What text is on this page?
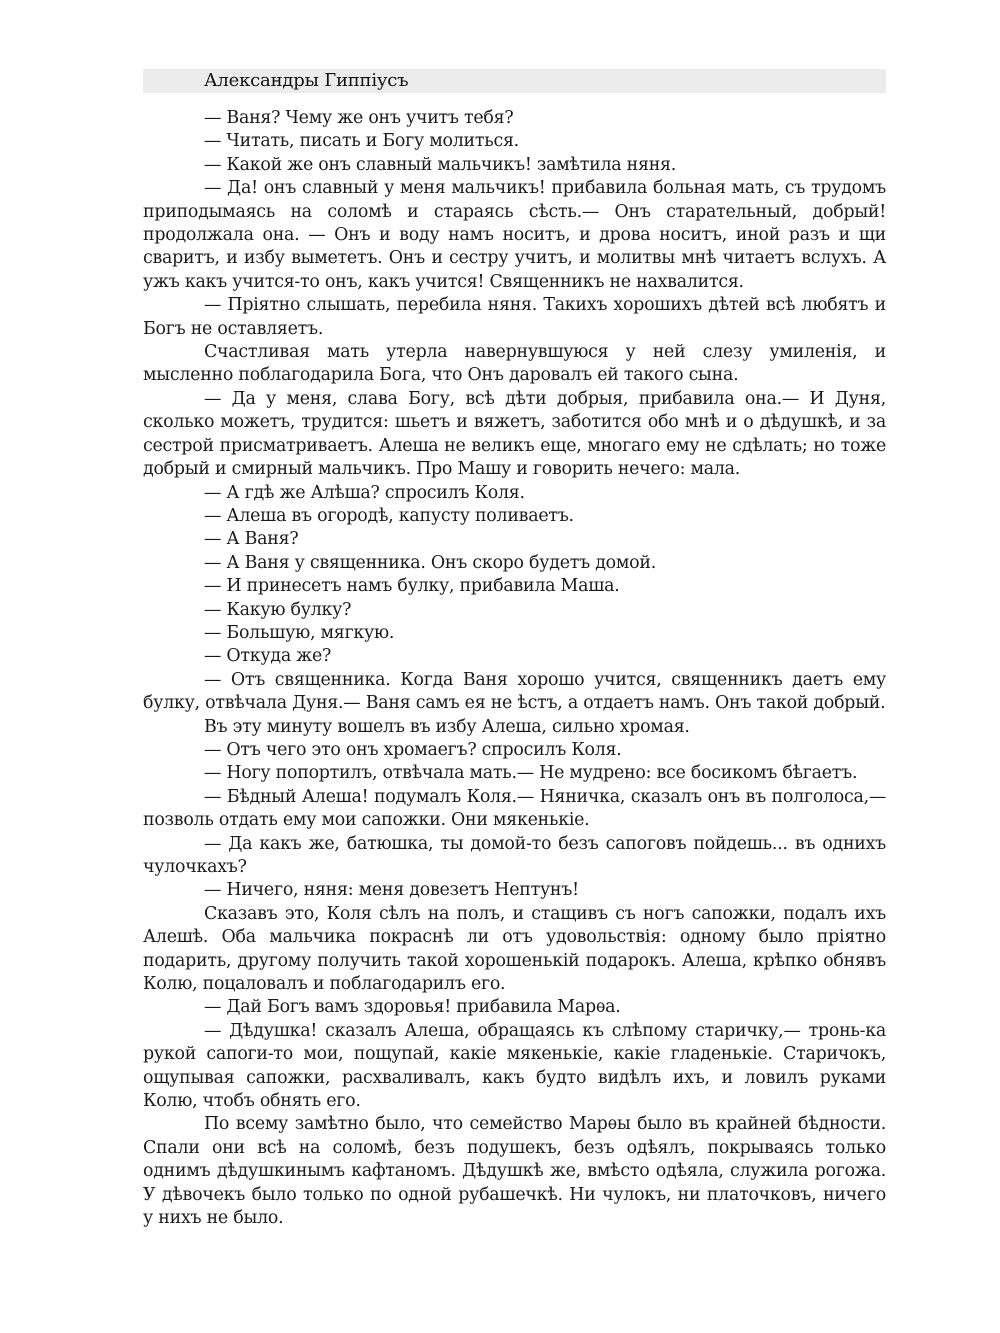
Александры Гиппіусъ

— Ваня? Чему же онъ учитъ тебя?

— Читать, писать и Богу молиться.

— Какой же онъ славный мальчикъ! замѣтила няня.

— Да! онъ славный у меня мальчикъ! прибавила больная мать, съ трудомъ приподымаясь на соломѣ и стараясь сѣсть.— Онъ старательный, добрый! продолжала она. — Онъ и воду намъ носитъ, и дрова носитъ, иной разъ и щи сваритъ, и избу вымететъ. Онъ и сестру учитъ, и молитвы мнѣ читаетъ вслухъ. А ужъ какъ учится-то онъ, какъ учится! Священникъ не нахвалится.

— Пріятно слышать, перебила няня. Такихъ хорошихъ дѣтей всѣ любятъ и Богъ не оставляетъ.

Счастливая мать утерла навернувшуюся у ней слезу умиленія, и мысленно поблагодарила Бога, что Онъ даровалъ ей такого сына.

— Да у меня, слава Богу, всѣ дѣти добрыя, прибавила она.— И Дуня, сколько можетъ, трудится: шьетъ и вяжетъ, заботится обо мнѣ и о дѣдушкѣ, и за сестрой присматриваетъ. Алеша не великъ еще, многаго ему не сдѣлать; но тоже добрый и смирный мальчикъ. Про Машу и говорить нечего: мала.

— А гдѣ же Алѣша? спросилъ Коля.

— Алеша въ огородѣ, капусту поливаетъ.

— А Ваня?

— А Ваня у священника. Онъ скоро будетъ домой.

— И принесетъ намъ булку, прибавила Маша.

— Какую булку?

— Большую, мягкую.

— Откуда же?

— Отъ священника. Когда Ваня хорошо учится, священникъ даетъ ему булку, отвѣчала Дуня.— Ваня самъ ея не ѣстъ, а отдаетъ намъ. Онъ такой добрый.

Въ эту минуту вошелъ въ избу Алеша, сильно хромая.

— Отъ чего это онъ хромаегъ? спросилъ Коля.

— Ногу попортилъ, отвѣчала мать.— Не мудрено: все босикомъ бѣгаетъ.

— Бѣдный Алеша! подумалъ Коля.— Няничка, сказалъ онъ въ полголоса,— позволь отдать ему мои сапожки. Они мякенькіе.

— Да какъ же, батюшка, ты домой-то безъ сапоговъ пойдешь... въ однихъ чулочкахъ?

— Ничего, няня: меня довезетъ Нептунъ!

Сказавъ это, Коля сѣлъ на полъ, и стащивъ съ ногъ сапожки, подалъ ихъ Алешѣ. Оба мальчика покраснѣ ли отъ удовольствія: одному было пріятно подарить, другому получить такой хорошенькій подарокъ. Алеша, крѣпко обнявъ Колю, поцаловалъ и поблагодарилъ его.

— Дай Богъ вамъ здоровья! прибавила Марѳа.

— Дѣдушка! сказалъ Алеша, обращаясь къ слѣпому старичку,— тронь-ка рукой сапоги-то мои, пощупай, какіе мякенькіе, какіе гладенькіе. Старичокъ, ощупывая сапожки, расхваливалъ, какъ будто видѣлъ ихъ, и ловилъ руками Колю, чтобъ обнять его.

По всему замѣтно было, что семейство Марѳы было въ крайней бѣдности. Спали они всѣ на соломѣ, безъ подушекъ, безъ одѣялъ, покрываясь только однимъ дѣдушкинымъ кафтаномъ. Дѣдушкѣ же, вмѣсто одѣяла, служила рогожа. У дѣвочекъ было только по одной рубашечкѣ. Ни чулокъ, ни платочковъ, ничего у нихъ не было.
